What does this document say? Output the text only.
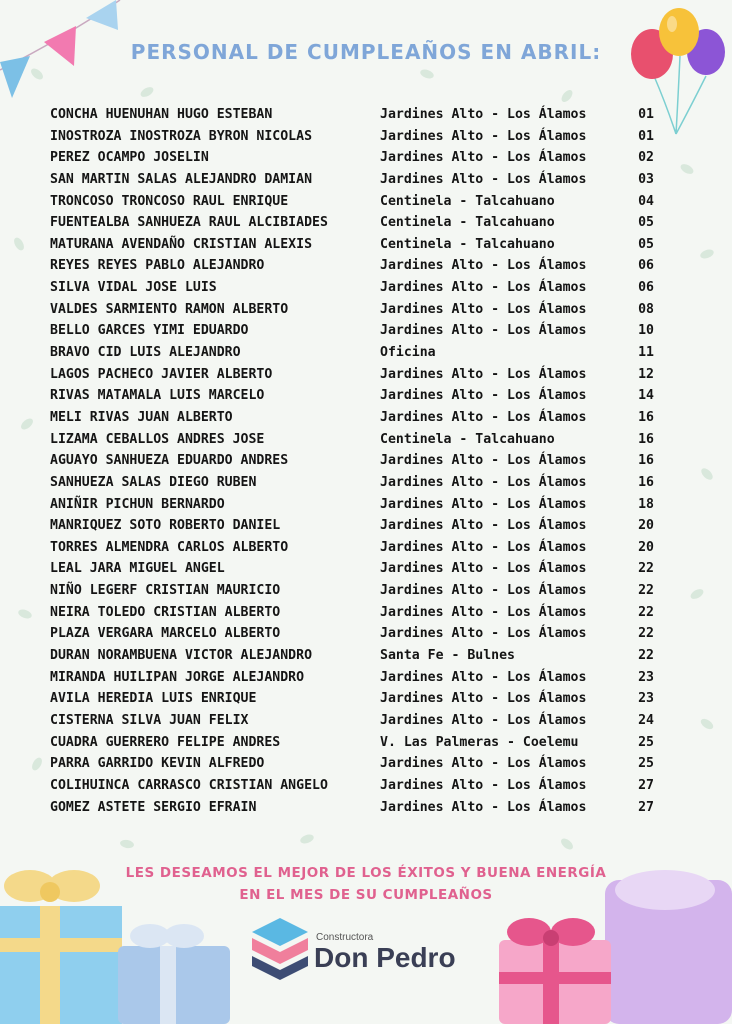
PERSONAL DE CUMPLEAÑOS EN ABRIL:
CONCHA HUENUHAN HUGO ESTEBAN	Jardines Alto - Los Álamos	01
INOSTROZA INOSTROZA BYRON NICOLAS	Jardines Alto - Los Álamos	01
PEREZ OCAMPO JOSELIN	Jardines Alto - Los Álamos	02
SAN MARTIN SALAS ALEJANDRO DAMIAN	Jardines Alto - Los Álamos	03
TRONCOSO TRONCOSO RAUL ENRIQUE	Centinela - Talcahuano	04
FUENTEALBA SANHUEZA RAUL ALCIBIADES	Centinela - Talcahuano	05
MATURANA AVENDAÑO CRISTIAN ALEXIS	Centinela - Talcahuano	05
REYES REYES PABLO ALEJANDRO	Jardines Alto - Los Álamos	06
SILVA VIDAL JOSE LUIS	Jardines Alto - Los Álamos	06
VALDES SARMIENTO RAMON ALBERTO	Jardines Alto - Los Álamos	08
BELLO GARCES YIMI EDUARDO	Jardines Alto - Los Álamos	10
BRAVO CID LUIS ALEJANDRO	Oficina	11
LAGOS PACHECO JAVIER ALBERTO	Jardines Alto - Los Álamos	12
RIVAS MATAMALA LUIS MARCELO	Jardines Alto - Los Álamos	14
MELI RIVAS JUAN ALBERTO	Jardines Alto - Los Álamos	16
LIZAMA CEBALLOS ANDRES JOSE	Centinela - Talcahuano	16
AGUAYO SANHUEZA EDUARDO ANDRES	Jardines Alto - Los Álamos	16
SANHUEZA SALAS DIEGO RUBEN	Jardines Alto - Los Álamos	16
ANIÑIR PICHUN BERNARDO	Jardines Alto - Los Álamos	18
MANRIQUEZ SOTO ROBERTO DANIEL	Jardines Alto - Los Álamos	20
TORRES ALMENDRA CARLOS ALBERTO	Jardines Alto - Los Álamos	20
LEAL JARA MIGUEL ANGEL	Jardines Alto - Los Álamos	22
NIÑO LEGERF CRISTIAN MAURICIO	Jardines Alto - Los Álamos	22
NEIRA TOLEDO CRISTIAN ALBERTO	Jardines Alto - Los Álamos	22
PLAZA VERGARA MARCELO ALBERTO	Jardines Alto - Los Álamos	22
DURAN NORAMBUENA VICTOR ALEJANDRO	Santa Fe - Bulnes	22
MIRANDA HUILIPAN JORGE ALEJANDRO	Jardines Alto - Los Álamos	23
AVILA HEREDIA LUIS ENRIQUE	Jardines Alto - Los Álamos	23
CISTERNA SILVA JUAN FELIX	Jardines Alto - Los Álamos	24
CUADRA GUERRERO FELIPE ANDRES	V. Las Palmeras - Coelemu	25
PARRA GARRIDO KEVIN ALFREDO	Jardines Alto - Los Álamos	25
COLIHUINCA CARRASCO CRISTIAN ANGELO	Jardines Alto - Los Álamos	27
GOMEZ ASTETE SERGIO EFRAIN	Jardines Alto - Los Álamos	27
LES DESEAMOS EL MEJOR DE LOS ÉXITOS Y BUENA ENERGÍA
EN EL MES DE SU CUMPLEAÑOS
Constructora
Don Pedro
